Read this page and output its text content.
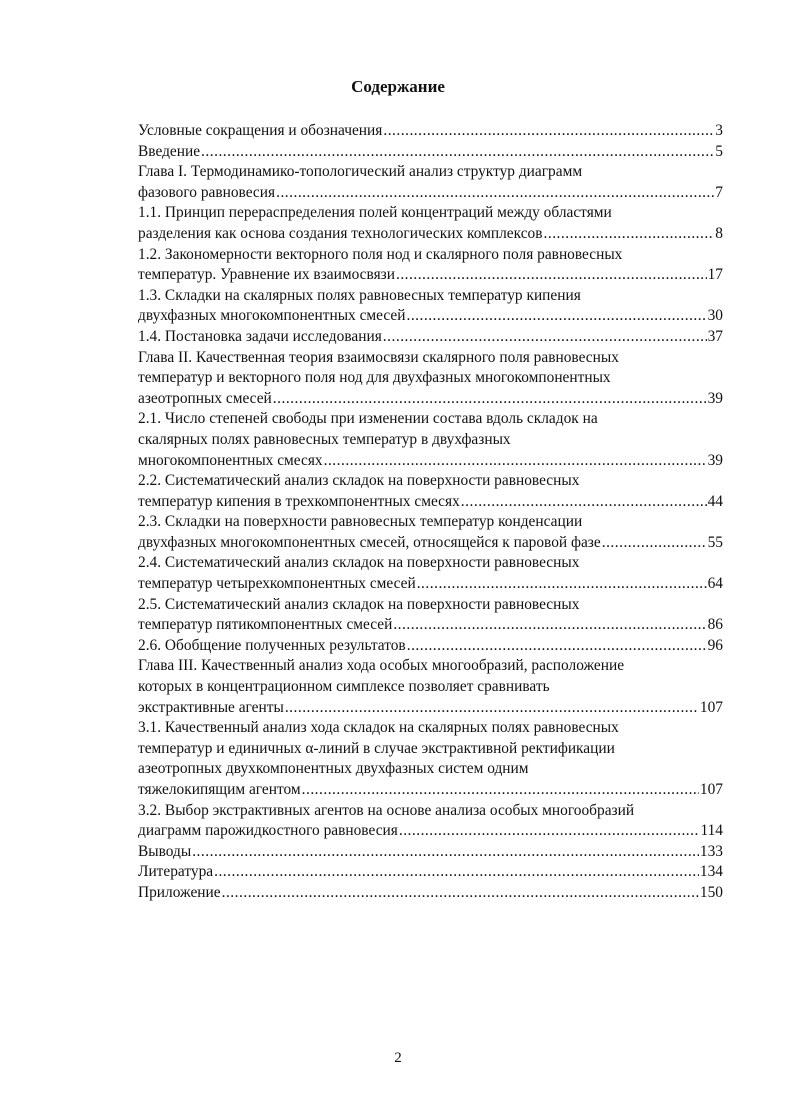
Содержание
Условные сокращения и обозначения .....	3
Введение .....	5
Глава I. Термодинамико-топологический анализ структур диаграмм
фазового равновесия .....	7
1.1. Принцип перераспределения полей концентраций между областями
разделения как основа создания технологических комплексов .....	8
1.2. Закономерности векторного поля нод и скалярного поля равновесных
температур. Уравнение их взаимосвязи .....	17
1.3. Складки на скалярных полях равновесных температур кипения
двухфазных многокомпонентных смесей .....	30
1.4. Постановка задачи исследования .....	37
Глава II. Качественная теория взаимосвязи скалярного поля равновесных
температур и векторного поля нод для двухфазных многокомпонентных
азеотропных смесей .....	39
2.1. Число степеней свободы при изменении состава вдоль складок на
скалярных полях равновесных температур в двухфазных
многокомпонентных смесях .....	39
2.2. Систематический анализ складок на поверхности равновесных
температур кипения в трехкомпонентных смесях .....	44
2.3. Складки на поверхности равновесных температур конденсации
двухфазных многокомпонентных смесей, относящейся к паровой фазе .....	55
2.4. Систематический анализ складок на поверхности равновесных
температур четырехкомпонентных смесей .....	64
2.5. Систематический анализ складок на поверхности равновесных
температур пятикомпонентных смесей .....	86
2.6. Обобщение полученных результатов .....	96
Глава III. Качественный анализ хода особых многообразий, расположение
которых в концентрационном симплексе позволяет сравнивать
экстрактивные агенты .....	107
3.1. Качественный анализ хода складок на скалярных полях равновесных
температур и единичных α-линий в случае экстрактивной ректификации
азеотропных двухкомпонентных двухфазных систем одним
тяжелокипящим агентом .....	107
3.2. Выбор экстрактивных агентов на основе анализа особых многообразий
диаграмм парожидкостного равновесия .....	114
Выводы .....	133
Литература .....	134
Приложение .....	150
2
